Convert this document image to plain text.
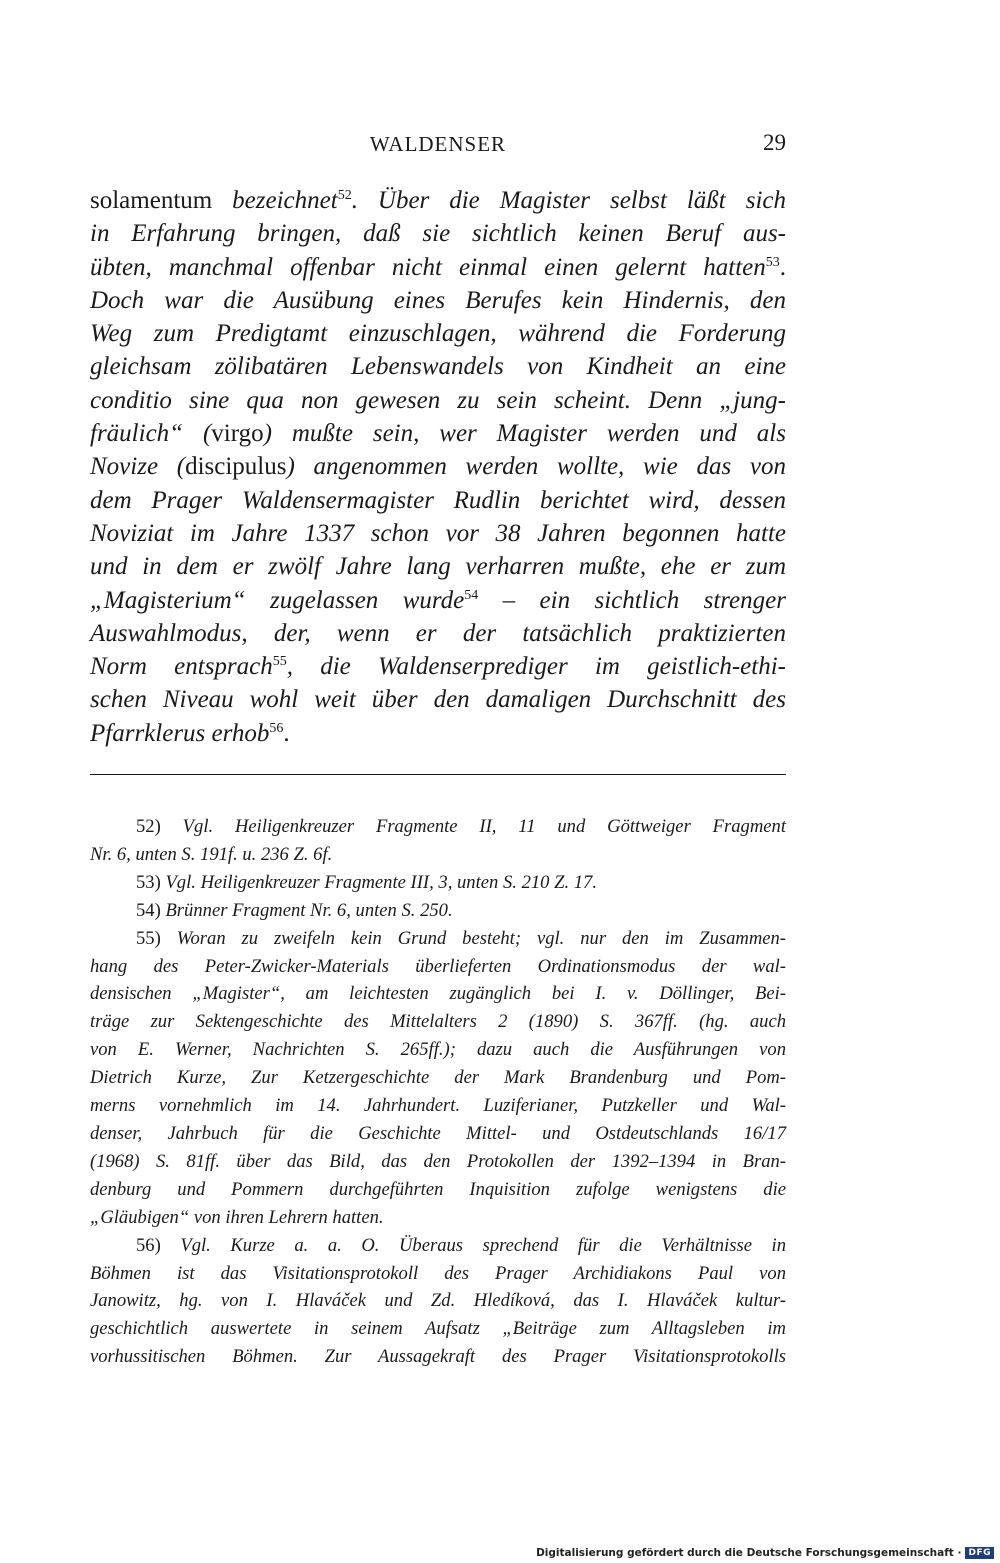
WALDENSER	29
solamentum bezeichnet$^{52}$. Über die Magister selbst läßt sich
in Erfahrung bringen, daß sie sichtlich keinen Beruf aus-
übten, manchmal offenbar nicht einmal einen gelernt hatten$^{53}$.
Doch war die Ausübung eines Berufes kein Hindernis, den
Weg zum Predigtamt einzuschlagen, während die Forderung
gleichsam zölibatären Lebenswandels von Kindheit an eine
conditio sine qua non gewesen zu sein scheint. Denn „jung-
fräulich“ (virgo) mußte sein, wer Magister werden und als
Novize (discipulus) angenommen werden wollte, wie das von
dem Prager Waldensermagister Rudlin berichtet wird, dessen
Noviziat im Jahre 1337 schon vor 38 Jahren begonnen hatte
und in dem er zwölf Jahre lang verharren mußte, ehe er zum
„Magisterium“ zugelassen wurde$^{54}$ – ein sichtlich strenger
Auswahlmodus, der, wenn er der tatsächlich praktizierten
Norm entsprach$^{55}$, die Waldenserprediger im geistlich-ethi-
schen Niveau wohl weit über den damaligen Durchschnitt des
Pfarrklerus erhob$^{56}$.
52) Vgl. Heiligenkreuzer Fragmente II, 11 und Göttweiger Fragment
Nr. 6, unten S. 191f. u. 236 Z. 6f.
53) Vgl. Heiligenkreuzer Fragmente III, 3, unten S. 210 Z. 17.
54) Brünner Fragment Nr. 6, unten S. 250.
55) Woran zu zweifeln kein Grund besteht; vgl. nur den im Zusammen-
hang des Peter-Zwicker-Materials überlieferten Ordinationsmodus der wal-
densischen „Magister“, am leichtesten zugänglich bei I. v. Döllinger, Bei-
träge zur Sektengeschichte des Mittelalters 2 (1890) S. 367ff. (hg. auch
von E. Werner, Nachrichten S. 265ff.); dazu auch die Ausführungen von
Dietrich Kurze, Zur Ketzergeschichte der Mark Brandenburg und Pom-
merns vornehmlich im 14. Jahrhundert. Luziferianer, Putzkeller und Wal-
denser, Jahrbuch für die Geschichte Mittel- und Ostdeutschlands 16/17
(1968) S. 81ff. über das Bild, das den Protokollen der 1392–1394 in Bran-
denburg und Pommern durchgeführten Inquisition zufolge wenigstens die
„Gläubigen“ von ihren Lehrern hatten.
56) Vgl. Kurze a. a. O. Überaus sprechend für die Verhältnisse in
Böhmen ist das Visitationsprotokoll des Prager Archidiakons Paul von
Janowitz, hg. von I. Hlaváček und Zd. Hledíková, das I. Hlaváček kultur-
geschichtlich auswertete in seinem Aufsatz „Beiträge zum Alltagsleben im
vorhussitischen Böhmen. Zur Aussagekraft des Prager Visitationsprotokolls
Digitalisierung gefördert durch die Deutsche Forschungsgemeinschaft · DFG
